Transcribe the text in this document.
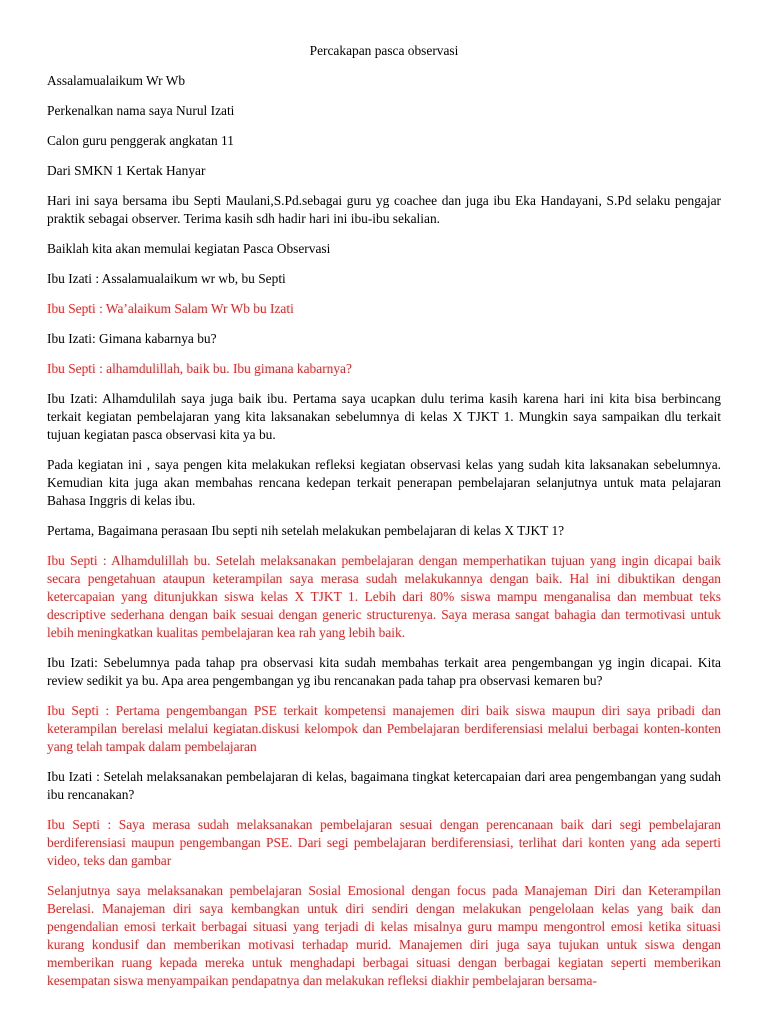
Percakapan pasca observasi
Assalamualaikum Wr Wb
Perkenalkan nama saya Nurul Izati
Calon guru penggerak angkatan 11
Dari SMKN 1 Kertak Hanyar
Hari ini saya bersama ibu Septi Maulani,S.Pd.sebagai guru yg coachee dan juga ibu Eka Handayani, S.Pd selaku pengajar praktik sebagai observer. Terima kasih sdh hadir hari ini ibu-ibu sekalian.
Baiklah kita akan memulai kegiatan Pasca Observasi
Ibu Izati : Assalamualaikum wr wb, bu Septi
Ibu Septi : Wa’alaikum Salam Wr Wb bu Izati
Ibu Izati: Gimana kabarnya bu?
Ibu Septi : alhamdulillah, baik bu. Ibu gimana kabarnya?
Ibu Izati: Alhamdulilah saya juga baik ibu. Pertama saya ucapkan dulu terima kasih karena hari ini kita bisa berbincang terkait kegiatan pembelajaran yang kita laksanakan sebelumnya di kelas X TJKT 1. Mungkin saya sampaikan dlu terkait tujuan kegiatan pasca observasi kita ya bu.
Pada kegiatan ini , saya pengen kita melakukan refleksi kegiatan observasi kelas yang sudah kita laksanakan sebelumnya. Kemudian kita juga akan membahas rencana kedepan terkait penerapan pembelajaran selanjutnya untuk mata pelajaran Bahasa Inggris di kelas ibu.
Pertama, Bagaimana perasaan Ibu septi nih setelah melakukan pembelajaran di kelas X TJKT 1?
Ibu Septi : Alhamdulillah bu. Setelah melaksanakan pembelajaran dengan memperhatikan tujuan yang ingin dicapai baik secara pengetahuan ataupun keterampilan saya merasa sudah melakukannya dengan baik. Hal ini dibuktikan dengan ketercapaian yang ditunjukkan siswa kelas X TJKT 1. Lebih dari 80% siswa mampu menganalisa dan membuat teks descriptive sederhana dengan baik sesuai dengan generic structurenya. Saya merasa sangat bahagia dan termotivasi untuk lebih meningkatkan kualitas pembelajaran kea rah yang lebih baik.
Ibu Izati: Sebelumnya pada tahap pra observasi kita sudah membahas terkait area pengembangan yg ingin dicapai. Kita review sedikit ya bu. Apa area pengembangan yg ibu rencanakan pada tahap pra observasi kemaren bu?
Ibu Septi : Pertama pengembangan PSE terkait kompetensi manajemen diri baik siswa maupun diri saya pribadi dan keterampilan berelasi melalui kegiatan.diskusi kelompok dan Pembelajaran berdiferensiasi melalui berbagai konten-konten yang telah tampak dalam pembelajaran
Ibu Izati : Setelah melaksanakan pembelajaran di kelas, bagaimana tingkat ketercapaian dari area pengembangan yang sudah ibu rencanakan?
Ibu Septi : Saya merasa sudah melaksanakan pembelajaran sesuai dengan perencanaan baik dari segi pembelajaran berdiferensiasi maupun pengembangan PSE. Dari segi pembelajaran berdiferensiasi, terlihat dari konten yang ada seperti video, teks dan gambar
Selanjutnya saya melaksanakan pembelajaran Sosial Emosional dengan focus pada Manajeman Diri dan Keterampilan Berelasi. Manajeman diri saya kembangkan untuk diri sendiri dengan melakukan pengelolaan kelas yang baik dan pengendalian emosi terkait berbagai situasi yang terjadi di kelas misalnya guru mampu mengontrol emosi ketika situasi kurang kondusif dan memberikan motivasi terhadap murid. Manajemen diri juga saya tujukan untuk siswa dengan memberikan ruang kepada mereka untuk menghadapi berbagai situasi dengan berbagai kegiatan seperti memberikan kesempatan siswa menyampaikan pendapatnya dan melakukan refleksi diakhir pembelajaran bersama-
